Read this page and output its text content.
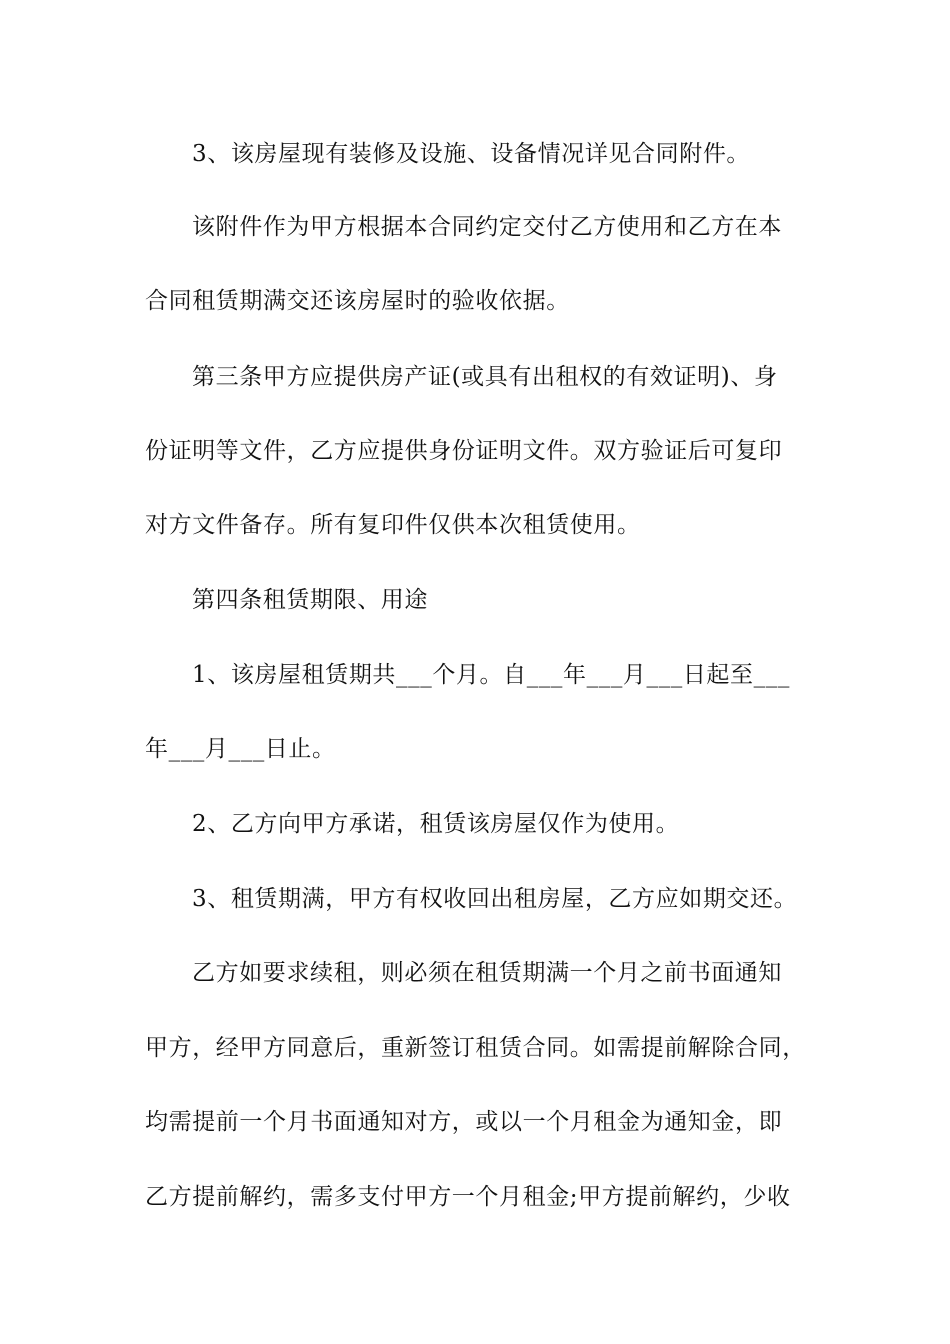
3、该房屋现有装修及设施、设备情况详见合同附件。
该附件作为甲方根据本合同约定交付乙方使用和乙方在本
合同租赁期满交还该房屋时的验收依据。
第三条甲方应提供房产证(或具有出租权的有效证明)、身
份证明等文件，乙方应提供身份证明文件。双方验证后可复印
对方文件备存。所有复印件仅供本次租赁使用。
第四条租赁期限、用途
1、该房屋租赁期共___个月。自___年___月___日起至___
年___月___日止。
2、乙方向甲方承诺，租赁该房屋仅作为使用。
3、租赁期满，甲方有权收回出租房屋，乙方应如期交还。
乙方如要求续租，则必须在租赁期满一个月之前书面通知
甲方，经甲方同意后，重新签订租赁合同。如需提前解除合同，
均需提前一个月书面通知对方，或以一个月租金为通知金，即
乙方提前解约，需多支付甲方一个月租金;甲方提前解约，少收
